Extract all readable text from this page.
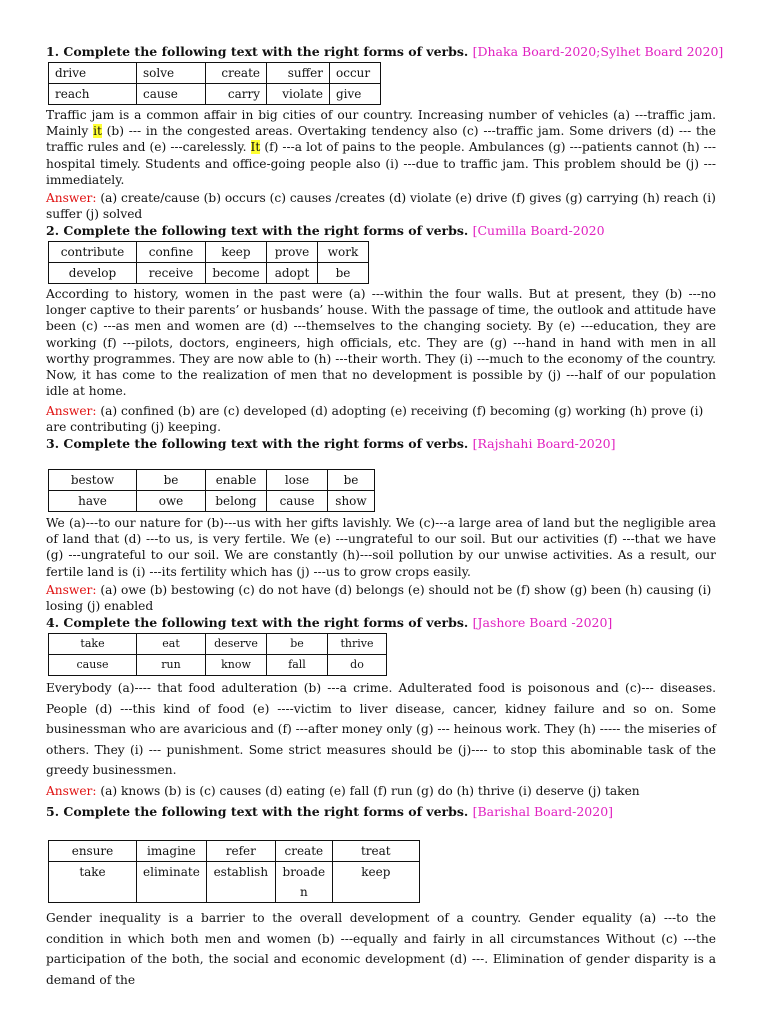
1. Complete the following text with the right forms of verbs. [Dhaka Board-2020;Sylhet Board 2020]
drive	solve	create	suffer	occur
reach	cause	carry	violate	give

Traffic jam is a common affair in big cities of our country. Increasing number of vehicles (a) ---traffic jam. Mainly it (b) --- in the congested areas. Overtaking tendency also (c) ---traffic jam. Some drivers (d) --- the traffic rules and (e) ---carelessly. It (f) ---a lot of pains to the people. Ambulances (g) ---patients cannot (h) --- hospital timely. Students and office-going people also (i) ---due to traffic jam. This problem should be (j) ---immediately.

Answer: (a) create/cause (b) occurs (c) causes /creates (d) violate (e) drive (f) gives (g) carrying (h) reach (i) suffer (j) solved

2. Complete the following text with the right forms of verbs. [Cumilla Board-2020
contribute	confine	keep	prove	work
develop	receive	become	adopt	be

According to history, women in the past were (a) ---within the four walls. But at present, they (b) ---no longer captive to their parents’ or husbands’ house. With the passage of time, the outlook and attitude have been (c) ---as men and women are (d) ---themselves to the changing society. By (e) ---education, they are working (f) ---pilots, doctors, engineers, high officials, etc. They are (g) ---hand in hand with men in all worthy programmes. They are now able to (h) ---their worth. They (i) ---much to the economy of the country. Now, it has come to the realization of men that no development is possible by (j) ---half of our population idle at home.

Answer: (a) confined (b) are (c) developed (d) adopting (e) receiving (f) becoming (g) working (h) prove (i) are contributing (j) keeping.

3. Complete the following text with the right forms of verbs. [Rajshahi Board-2020]
bestow	be	enable	lose	be
have	owe	belong	cause	show

We (a)---to our nature for (b)---us with her gifts lavishly. We (c)---a large area of land but the negligible area of land that (d) ---to us, is very fertile. We (e) ---ungrateful to our soil. But our activities (f) ---that we have (g) ---ungrateful to our soil. We are constantly (h)---soil pollution by our unwise activities. As a result, our fertile land is (i) ---its fertility which has (j) ---us to grow crops easily.

Answer: (a) owe (b) bestowing (c) do not have (d) belongs (e) should not be (f) show (g) been (h) causing (i) losing (j) enabled

4. Complete the following text with the right forms of verbs. [Jashore Board -2020]
take	eat	deserve	be	thrive
cause	run	know	fall	do

Everybody (a)---- that food adulteration (b) ---a crime. Adulterated food is poisonous and (c)--- diseases. People (d) ---this kind of food (e) ----victim to liver disease, cancer, kidney failure and so on. Some businessman who are avaricious and (f) ---after money only (g) --- heinous work. They (h) ----- the miseries of others. They (i) --- punishment. Some strict measures should be (j)---- to stop this abominable task of the greedy businessmen.

Answer: (a) knows (b) is (c) causes (d) eating (e) fall (f) run (g) do (h) thrive (i) deserve (j) taken

5. Complete the following text with the right forms of verbs. [Barishal Board-2020]
ensure	imagine	refer	create	treat
take	eliminate	establish	broade n	keep

Gender inequality is a barrier to the overall development of a country. Gender equality (a) ---to the condition in which both men and women (b) ---equally and fairly in all circumstances Without (c) ---the participation of the both, the social and economic development (d) ---. Elimination of gender disparity is a demand of the
